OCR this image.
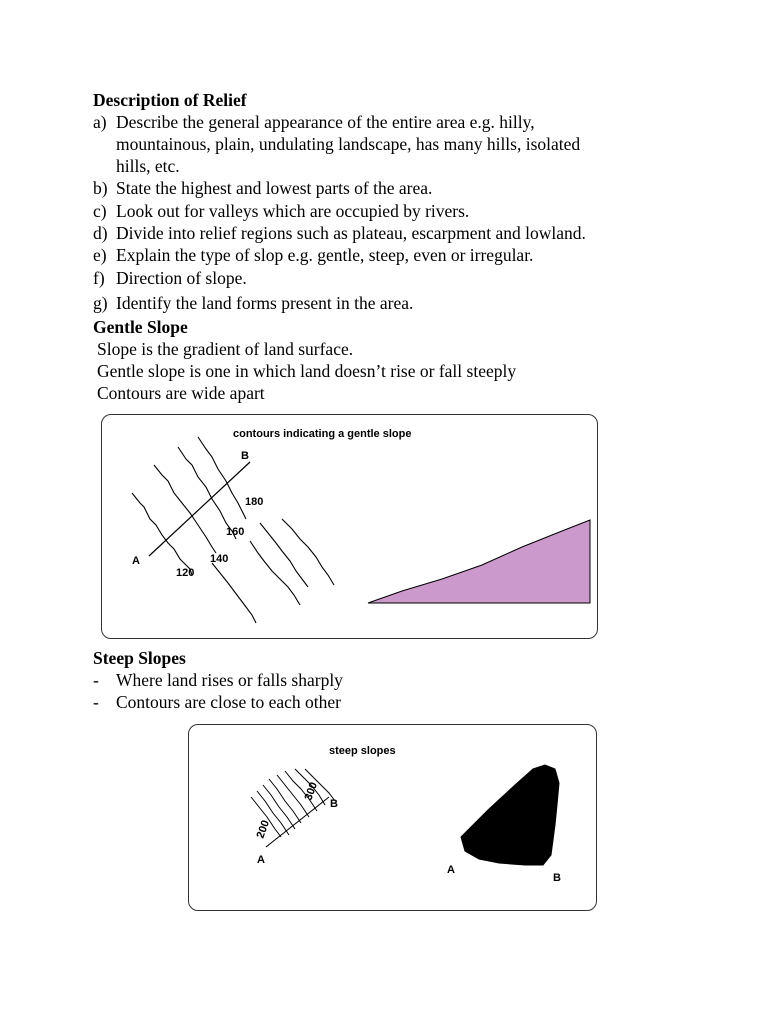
Description of Relief
a) Describe the general appearance of the entire area e.g. hilly,
mountainous, plain, undulating landscape, has many hills, isolated
hills, etc.
b) State the highest and lowest parts of the area.
c) Look out for valleys which are occupied by rivers.
d) Divide into relief regions such as plateau, escarpment and lowland.
e) Explain the type of slop e.g. gentle, steep, even or irregular.
f) Direction of slope.
g) Identify the land forms present in the area.
Gentle Slope
Slope is the gradient of land surface.
Gentle slope is one in which land doesn’t rise or fall steeply
Contours are wide apart
contours indicating a gentle slope
A
B
120
140
160
180
Steep Slopes
- Where land rises or falls sharply
- Contours are close to each other
steep slopes
A
B
200
300
A
B
